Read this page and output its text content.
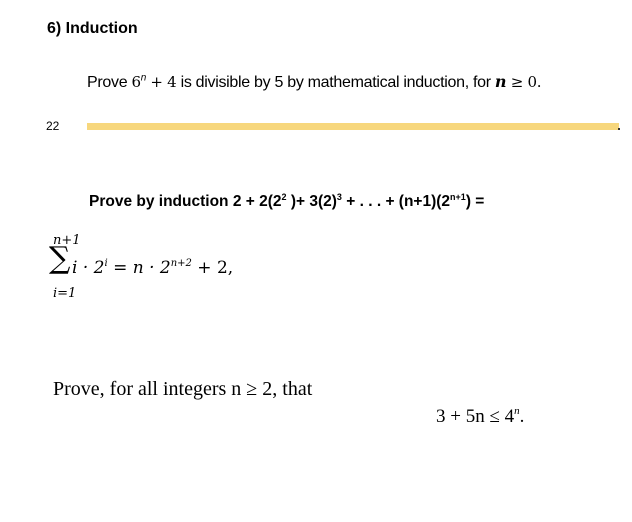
6) Induction
Prove $6^n + 4$ is divisible by 5 by mathematical induction, for n ≥ 0.
22
Prove by induction $2 + 2(2^2$ )+ $3(2)^3$ + . . . + $(n+1)(2^{n+1})$ =
n+1
∑ $i \cdot 2^i = n \cdot 2^{n+2} + 2$,
i=1
Prove, for all integers n ≥ 2, that
$3 + 5n \le 4^n$.
